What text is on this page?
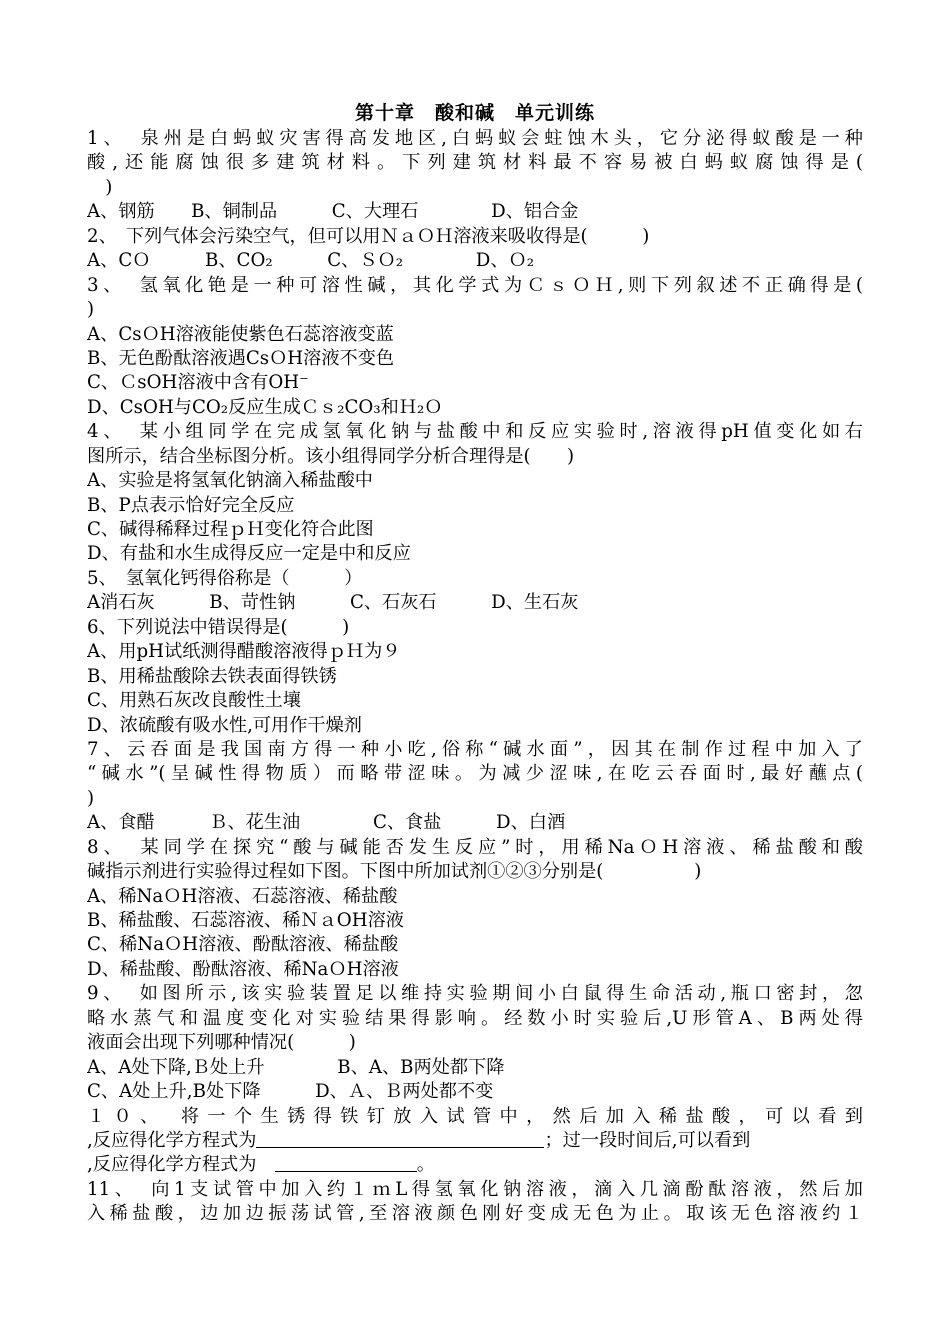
第十章　酸和碱　单元训练
1、　泉州是白蚂蚁灾害得高发地区,白蚂蚁会蛀蚀木头，它分泌得蚁酸是一种
酸,还能腐蚀很多建筑材料。下列建筑材料最不容易被白蚂蚁腐蚀得是(
　)
A、钢筋　　B、铜制品　　　C、大理石　　　　D、铝合金
2、　下列气体会污染空气，但可以用ＮａＯＨ溶液来吸收得是(　　　)
A、CＯ　　　B、CO₂　　　C、ＳＯ₂　　　　D、Ｏ₂
3、　氢氧化铯是一种可溶性碱，其化学式为ＣｓＯＨ,则下列叙述不正确得是(
)
A、CsＯH溶液能使紫色石蕊溶液变蓝
B、无色酚酞溶液遇CsＯH溶液不变色
C、ＣsOH溶液中含有OH⁻
D、CsOH与CO₂反应生成Ｃｓ₂CO₃和Ｈ₂Ｏ
4、　某小组同学在完成氢氧化钠与盐酸中和反应实验时,溶液得pH值变化如右
图所示，结合坐标图分析。该小组得同学分析合理得是(　　)
A、实验是将氢氧化钠滴入稀盐酸中
B、P点表示恰好完全反应
C、碱得稀释过程ｐＨ变化符合此图
D、有盐和水生成得反应一定是中和反应
5、　氢氧化钙得俗称是（　　　）
A消石灰　　　B、苛性钠　　　C、石灰石　　　D、生石灰
6、下列说法中错误得是(　　　)
A、用pH试纸测得醋酸溶液得ｐＨ为９
B、用稀盐酸除去铁表面得铁锈
C、用熟石灰改良酸性土壤
D、浓硫酸有吸水性,可用作干燥剂
7、云吞面是我国南方得一种小吃,俗称“碱水面”，因其在制作过程中加入了
“碱水”(呈碱性得物质）而略带涩味。为减少涩味,在吃云吞面时,最好蘸点(
)
A、食醋　　　Ｂ、花生油　　　　C、食盐　　　D、白酒
8、　某同学在探究“酸与碱能否发生反应”时，用稀NaＯH溶液、稀盐酸和酸
碱指示剂进行实验得过程如下图。下图中所加试剂①②③分别是(　　　　　)
A、稀NaＯH溶液、石蕊溶液、稀盐酸
B、稀盐酸、石蕊溶液、稀ＮａOH溶液
C、稀NaＯH溶液、酚酞溶液、稀盐酸
D、稀盐酸、酚酞溶液、稀NaＯH溶液
9、　如图所示,该实验装置足以维持实验期间小白鼠得生命活动,瓶口密封，忽
略水蒸气和温度变化对实验结果得影响。经数小时实验后,U形管A、B两处得
液面会出现下列哪种情况(　　　)
A、A处下降,Ｂ处上升　　　　B、A、B两处都下降
C、A处上升,B处下降　　　D、Ａ、Ｂ两处都不变
１０、 将一个生锈得铁钉放入试管中，然后加入稀盐酸，可以看到
,反应得化学方程式为	；过一段时间后,可以看到
,反应得化学方程式为　	。
11、　向1支试管中加入约１ｍL得氢氧化钠溶液，滴入几滴酚酞溶液，然后加
入稀盐酸，边加边振荡试管,至溶液颜色刚好变成无色为止。取该无色溶液约１
